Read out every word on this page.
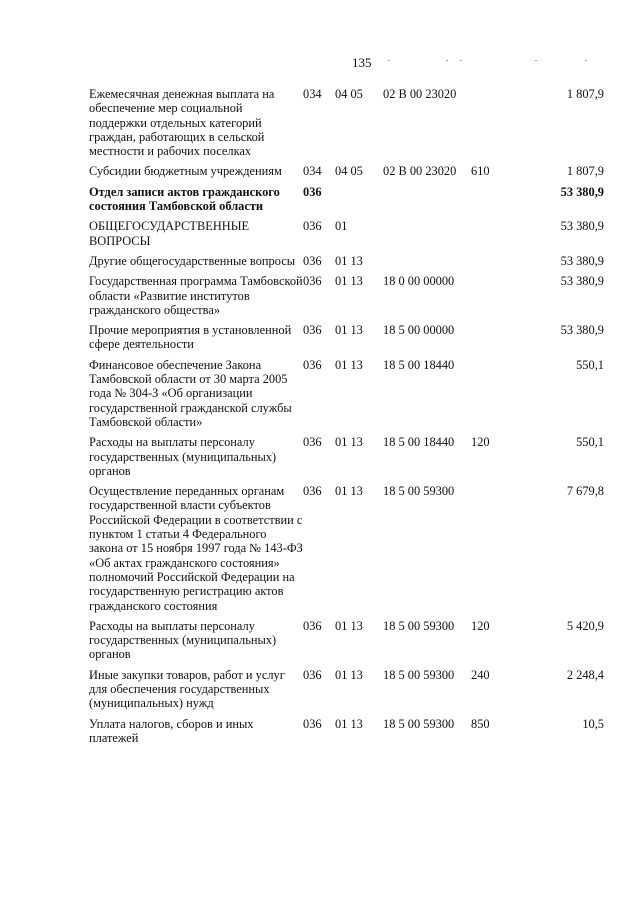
135
Ежемесячная денежная выплата на обеспечение мер социальной поддержки отдельных категорий граждан, работающих в сельской местности и рабочих поселках	034	04 05	02 В 00 23020		1 807,9
Субсидии бюджетным учреждениям	034	04 05	02 В 00 23020	610	1 807,9
Отдел записи актов гражданского состояния Тамбовской области	036				53 380,9
ОБЩЕГОСУДАРСТВЕННЫЕ ВОПРОСЫ	036	01			53 380,9
Другие общегосударственные вопросы	036	01 13			53 380,9
Государственная программа Тамбовской области «Развитие институтов гражданского общества»	036	01 13	18 0 00 00000		53 380,9
Прочие мероприятия в установленной сфере деятельности	036	01 13	18 5 00 00000		53 380,9
Финансовое обеспечение Закона Тамбовской области от 30 марта 2005 года № 304-З «Об организации государственной гражданской службы Тамбовской области»	036	01 13	18 5 00 18440		550,1
Расходы на выплаты персоналу государственных (муниципальных) органов	036	01 13	18 5 00 18440	120	550,1
Осуществление переданных органам государственной власти субъектов Российской Федерации в соответствии с пунктом 1 статьи 4 Федерального закона от 15 ноября 1997 года № 143-ФЗ «Об актах гражданского состояния» полномочий Российской Федерации на государственную регистрацию актов гражданского состояния	036	01 13	18 5 00 59300		7 679,8
Расходы на выплаты персоналу государственных (муниципальных) органов	036	01 13	18 5 00 59300	120	5 420,9
Иные закупки товаров, работ и услуг для обеспечения государственных (муниципальных) нужд	036	01 13	18 5 00 59300	240	2 248,4
Уплата налогов, сборов и иных платежей	036	01 13	18 5 00 59300	850	10,5
